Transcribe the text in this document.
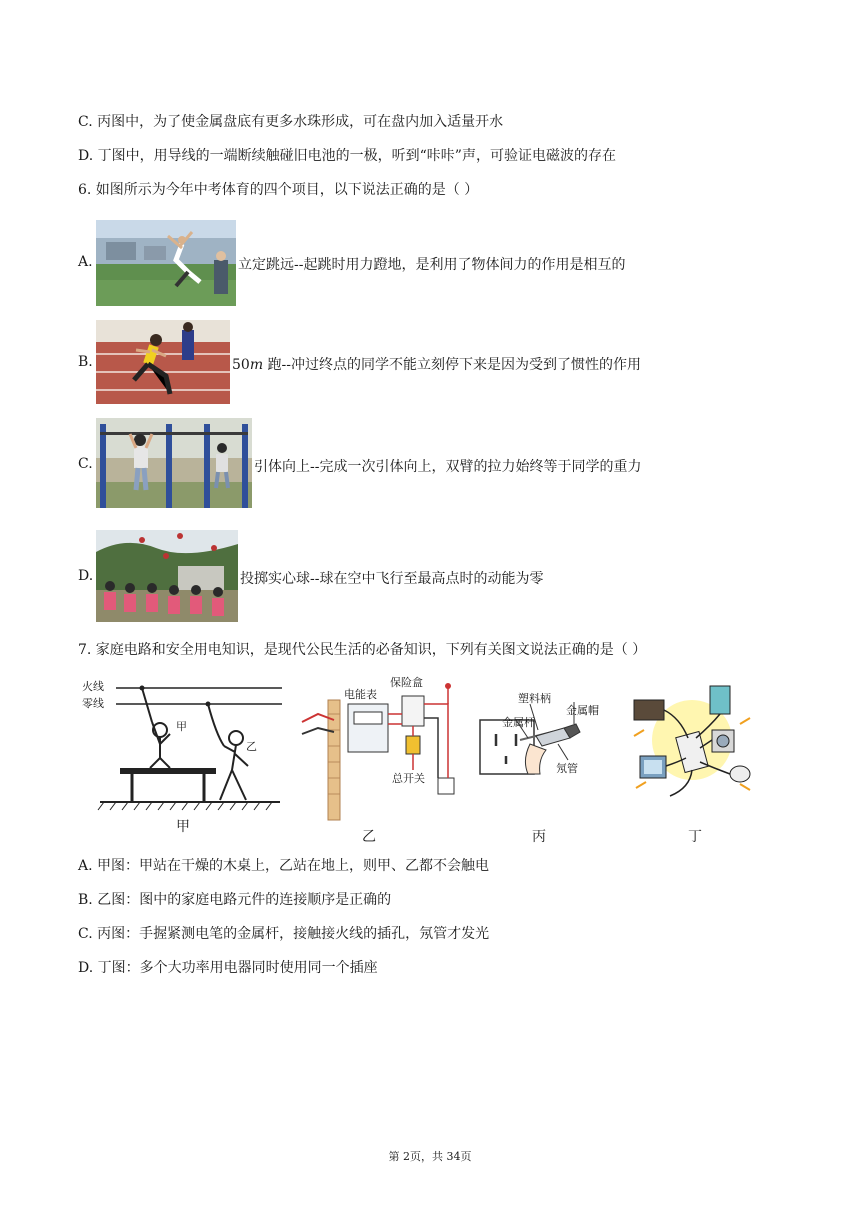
C. 丙图中，为了使金属盘底有更多水珠形成，可在盘内加入适量开水
D. 丁图中，用导线的一端断续触碰旧电池的一极，听到“咔咔”声，可验证电磁波的存在
6. 如图所示为今年中考体育的四个项目，以下说法正确的是（ ）
A.	立定跳远--起跳时用力蹬地，是利用了物体间力的作用是相互的
B.	50m 跑--冲过终点的同学不能立刻停下来是因为受到了惯性的作用
C.	引体向上--完成一次引体向上，双臂的拉力始终等于同学的重力
D.	投掷实心球--球在空中飞行至最高点时的动能为零
7. 家庭电路和安全用电知识，是现代公民生活的必备知识，下列有关图文说法正确的是（ ）
火线
零线
甲
乙
甲
电能表
保险盒
总开关
乙
塑料柄
金属帽
金属杆
氖管
丙	丁
A. 甲图：甲站在干燥的木桌上，乙站在地上，则甲、乙都不会触电
B. 乙图：图中的家庭电路元件的连接顺序是正确的
C. 丙图：手握紧测电笔的金属杆，接触接火线的插孔，氖管才发光
D. 丁图：多个大功率用电器同时使用同一个插座
第 2页，共 34页
